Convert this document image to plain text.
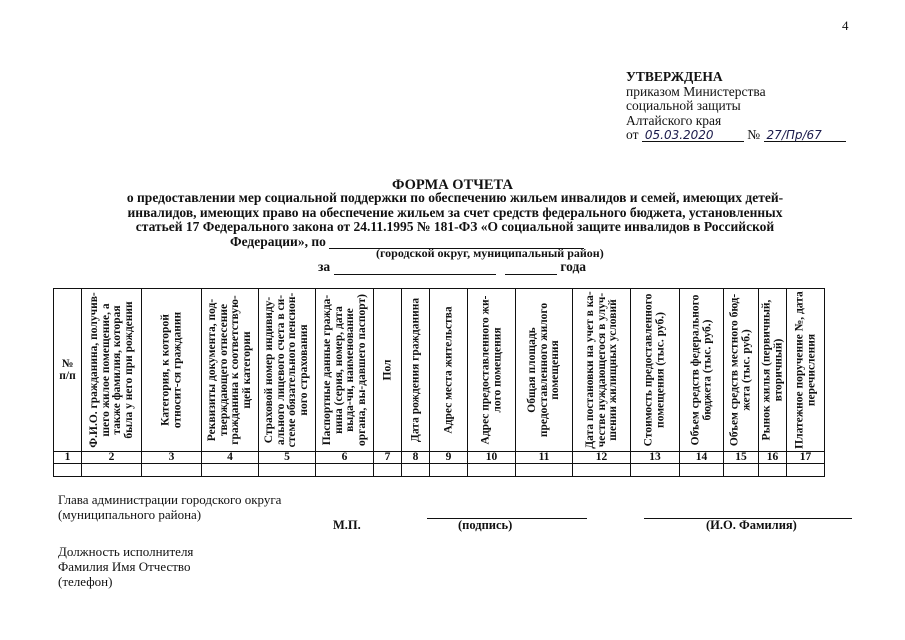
4
УТВЕРЖДЕНА
приказом Министерства
социальной защиты
Алтайского края
от 05.03.2020 № 27/Пр/67
ФОРМА ОТЧЕТА
о предоставлении мер социальной поддержки по обеспечению жильем инвалидов и семей, имеющих детей-
инвалидов, имеющих право на обеспечение жильем за счет средств федерального бюджета, установленных
статьей 17 Федерального закона от 24.11.1995 № 181-ФЗ «О социальной защите инвалидов в Российской
Федерации», по
(городской округ, муниципальный район)
за	года
№ п/п	Ф.И.О. гражданина, получив-шего жилое помещение, а также фамилия, которая была у него при рождении	Категория, к которой относит-ся гражданин	Реквизиты документа, под-тверждающего отнесение гражданина к соответствую-щей категории	Страховой номер индивиду-ального лицевого счета в си-стеме обязательного пенсион-ного страхования	Паспортные данные гражда-нина (серия, номер, дата выда-чи, наименование органа, вы-давшего паспорт)	Пол	Дата рождения гражданина	Адрес места жительства	Адрес предоставленного жи-лого помещения	Общая площадь предоставленного жилого помещения	Дата постановки на учет в ка-честве нуждающегося в улуч-шении жилищных условий	Стоимость предоставленного помещения (тыс. руб.)	Объем средств федерального бюджета (тыс. руб.)	Объем средств местного бюд-жета (тыс. руб.)	Рынок жилья (первичный, вторичный)	Платежное поручение №, дата перечисления

1	2	3	4	5	6	7	8	9	10	11	12	13	14	15	16	17

Глава администрации городского округа
(муниципального района)
М.П.	(подпись)	(И.О. Фамилия)
Должность исполнителя
Фамилия Имя Отчество
(телефон)
